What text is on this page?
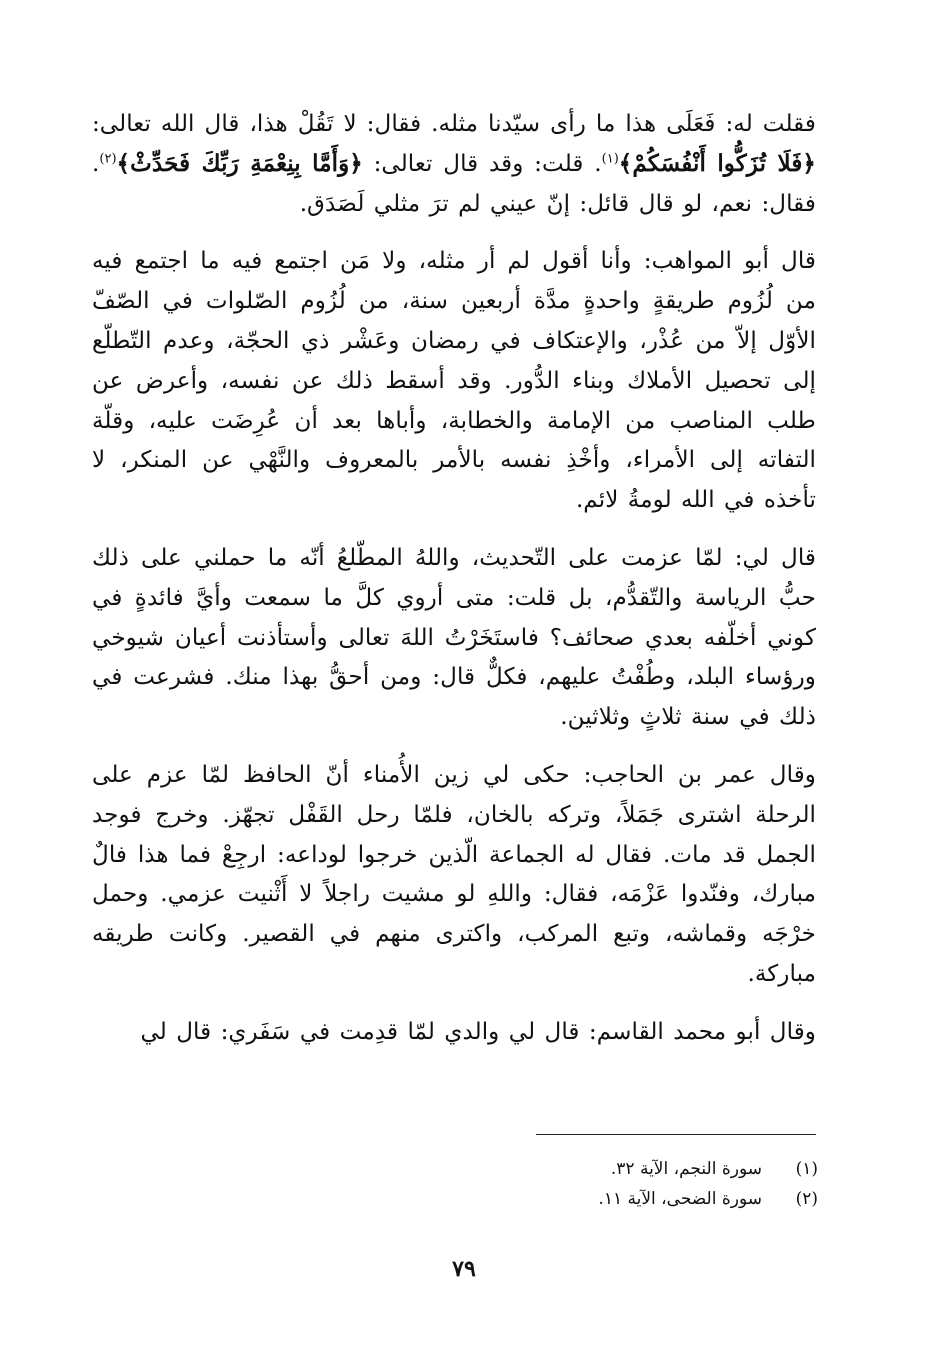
فقلت له: فَعَلَى هذا ما رأى سيّدنا مثله. فقال: لا تَقُلْ هذا، قال الله تعالى: ﴿فَلَا تُزَكُّوا أَنْفُسَكُمْ﴾$^{(١)}$. قلت: وقد قال تعالى: ﴿وَأَمَّا بِنِعْمَةِ رَبِّكَ فَحَدِّثْ﴾$^{(٢)}$. فقال: نعم، لو قال قائل: إنّ عيني لم ترَ مثلي لَصَدَق.

قال أبو المواهب: وأنا أقول لم أر مثله، ولا مَن اجتمع فيه ما اجتمع فيه من لُزُوم طريقةٍ واحدةٍ مدَّة أربعين سنة، من لُزُوم الصّلوات في الصّفّ الأوّل إلاّ من عُذْر، والإعتكاف في رمضان وعَشْر ذي الحجّة، وعدم التّطلّع إلى تحصيل الأملاك وبناء الدُّور. وقد أسقط ذلك عن نفسه، وأعرض عن طلب المناصب من الإمامة والخطابة، وأباها بعد أن عُرِضَت عليه، وقلّة التفاته إلى الأمراء، وأخْذِ نفسه بالأمر بالمعروف والنَّهْي عن المنكر، لا تأخذه في الله لومةُ لائم.

قال لي: لمّا عزمت على التّحديث، واللهُ المطّلعُ أنّه ما حملني على ذلك حبُّ الرياسة والتّقدُّم، بل قلت: متى أروي كلَّ ما سمعت وأيَّ فائدةٍ في كوني أخلّفه بعدي صحائف؟ فاستَخَرْتُ اللهَ تعالى وأستأذنت أعيان شيوخي ورؤساء البلد، وطُفْتُ عليهم، فكلٌّ قال: ومن أحقُّ بهذا منك. فشرعت في ذلك في سنة ثلاثٍ وثلاثين.

وقال عمر بن الحاجب: حكى لي زين الأُمناء أنّ الحافظ لمّا عزم على الرحلة اشترى جَمَلاً، وتركه بالخان، فلمّا رحل القَفْل تجهّز. وخرج فوجد الجمل قد مات. فقال له الجماعة الّذين خرجوا لوداعه: ارجِعْ فما هذا فالٌ مبارك، وفنّدوا عَزْمَه، فقال: واللهِ لو مشيت راجلاً لا أَثْنيت عزمي. وحمل خرْجَه وقماشه، وتبع المركب، واكترى منهم في القصير. وكانت طريقه مباركة.

وقال أبو محمد القاسم: قال لي والدي لمّا قدِمت في سَفَري: قال لي

(١)سورة النجم، الآية ٣٢.
(٢)سورة الضحى، الآية ١١.
٧٩
